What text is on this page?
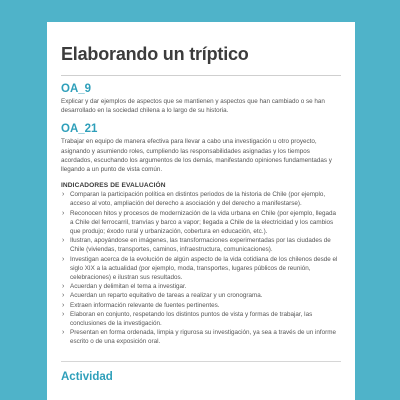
Elaborando un tríptico
OA_9

Explicar y dar ejemplos de aspectos que se mantienen y aspectos que han cambiado o se han desarrollado en la sociedad chilena a lo largo de su historia.

OA_21

Trabajar en equipo de manera efectiva para llevar a cabo una investigación u otro proyecto, asignando y asumiendo roles, cumpliendo las responsabilidades asignadas y los tiempos acordados, escuchando los argumentos de los demás, manifestando opiniones fundamentadas y llegando a un punto de vista común.

INDICADORES DE EVALUACIÓN
› Comparan la participación política en distintos periodos de la historia de Chile (por ejemplo, acceso al voto, ampliación del derecho a asociación y del derecho a manifestarse).
› Reconocen hitos y procesos de modernización de la vida urbana en Chile (por ejemplo, llegada a Chile del ferrocarril, tranvías y barco a vapor; llegada a Chile de la electricidad y los cambios que produjo; éxodo rural y urbanización, cobertura en educación, etc.).
› Ilustran, apoyándose en imágenes, las transformaciones experimentadas por las ciudades de Chile (viviendas, transportes, caminos, infraestructura, comunicaciones).
› Investigan acerca de la evolución de algún aspecto de la vida cotidiana de los chilenos desde el siglo XIX a la actualidad (por ejemplo, moda, transportes, lugares públicos de reunión, celebraciones) e ilustran sus resultados.
› Acuerdan y delimitan el tema a investigar.
› Acuerdan un reparto equitativo de tareas a realizar y un cronograma.
› Extraen información relevante de fuentes pertinentes.
› Elaboran en conjunto, respetando los distintos puntos de vista y formas de trabajar, las conclusiones de la investigación.
› Presentan en forma ordenada, limpia y rigurosa su investigación, ya sea a través de un informe escrito o de una exposición oral.
Actividad
